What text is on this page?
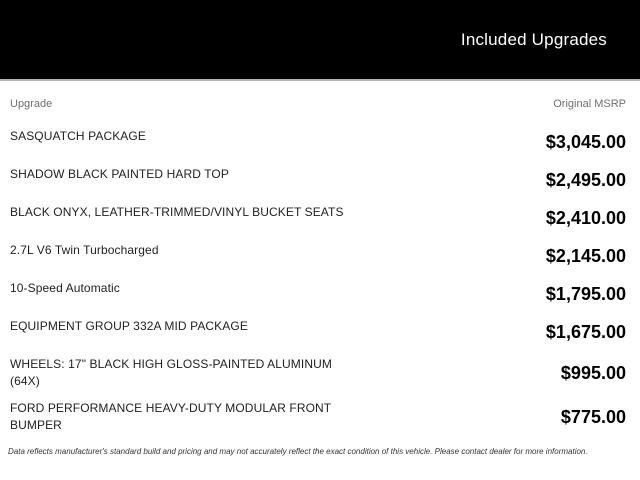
Included Upgrades
Upgrade	Original MSRP
SASQUATCH PACKAGE	$3,045.00
SHADOW BLACK PAINTED HARD TOP	$2,495.00
BLACK ONYX, LEATHER-TRIMMED/VINYL BUCKET SEATS	$2,410.00
2.7L V6 Twin Turbocharged	$2,145.00
10-Speed Automatic	$1,795.00
EQUIPMENT GROUP 332A MID PACKAGE	$1,675.00
WHEELS: 17" BLACK HIGH GLOSS-PAINTED ALUMINUM (64X)	$995.00
FORD PERFORMANCE HEAVY-DUTY MODULAR FRONT BUMPER	$775.00
Data reflects manufacturer's standard build and pricing and may not accurately reflect the exact condition of this vehicle. Please contact dealer for more information.
